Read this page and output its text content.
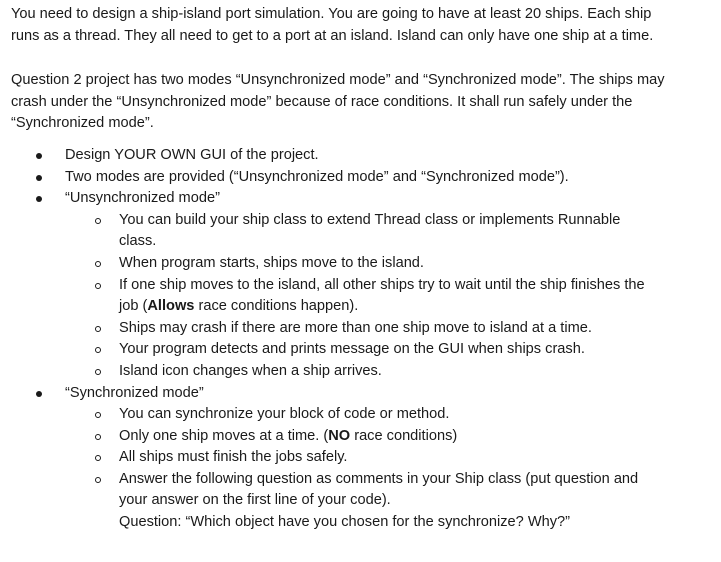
You need to design a ship-island port simulation. You are going to have at least 20 ships. Each ship runs as a thread. They all need to get to a port at an island. Island can only have one ship at a time.

Question 2 project has two modes “Unsynchronized mode” and “Synchronized mode”. The ships may crash under the “Unsynchronized mode” because of race conditions. It shall run safely under the “Synchronized mode”.

Design YOUR OWN GUI of the project.
Two modes are provided (“Unsynchronized mode” and “Synchronized mode”).
“Unsynchronized mode”
You can build your ship class to extend Thread class or implements Runnable class.
When program starts, ships move to the island.
If one ship moves to the island, all other ships try to wait until the ship finishes the job (Allows race conditions happen).
Ships may crash if there are more than one ship move to island at a time.
Your program detects and prints message on the GUI when ships crash.
Island icon changes when a ship arrives.
“Synchronized mode”
You can synchronize your block of code or method.
Only one ship moves at a time. (NO race conditions)
All ships must finish the jobs safely.
Answer the following question as comments in your Ship class (put question and your answer on the first line of your code).
Question: “Which object have you chosen for the synchronize? Why?”
